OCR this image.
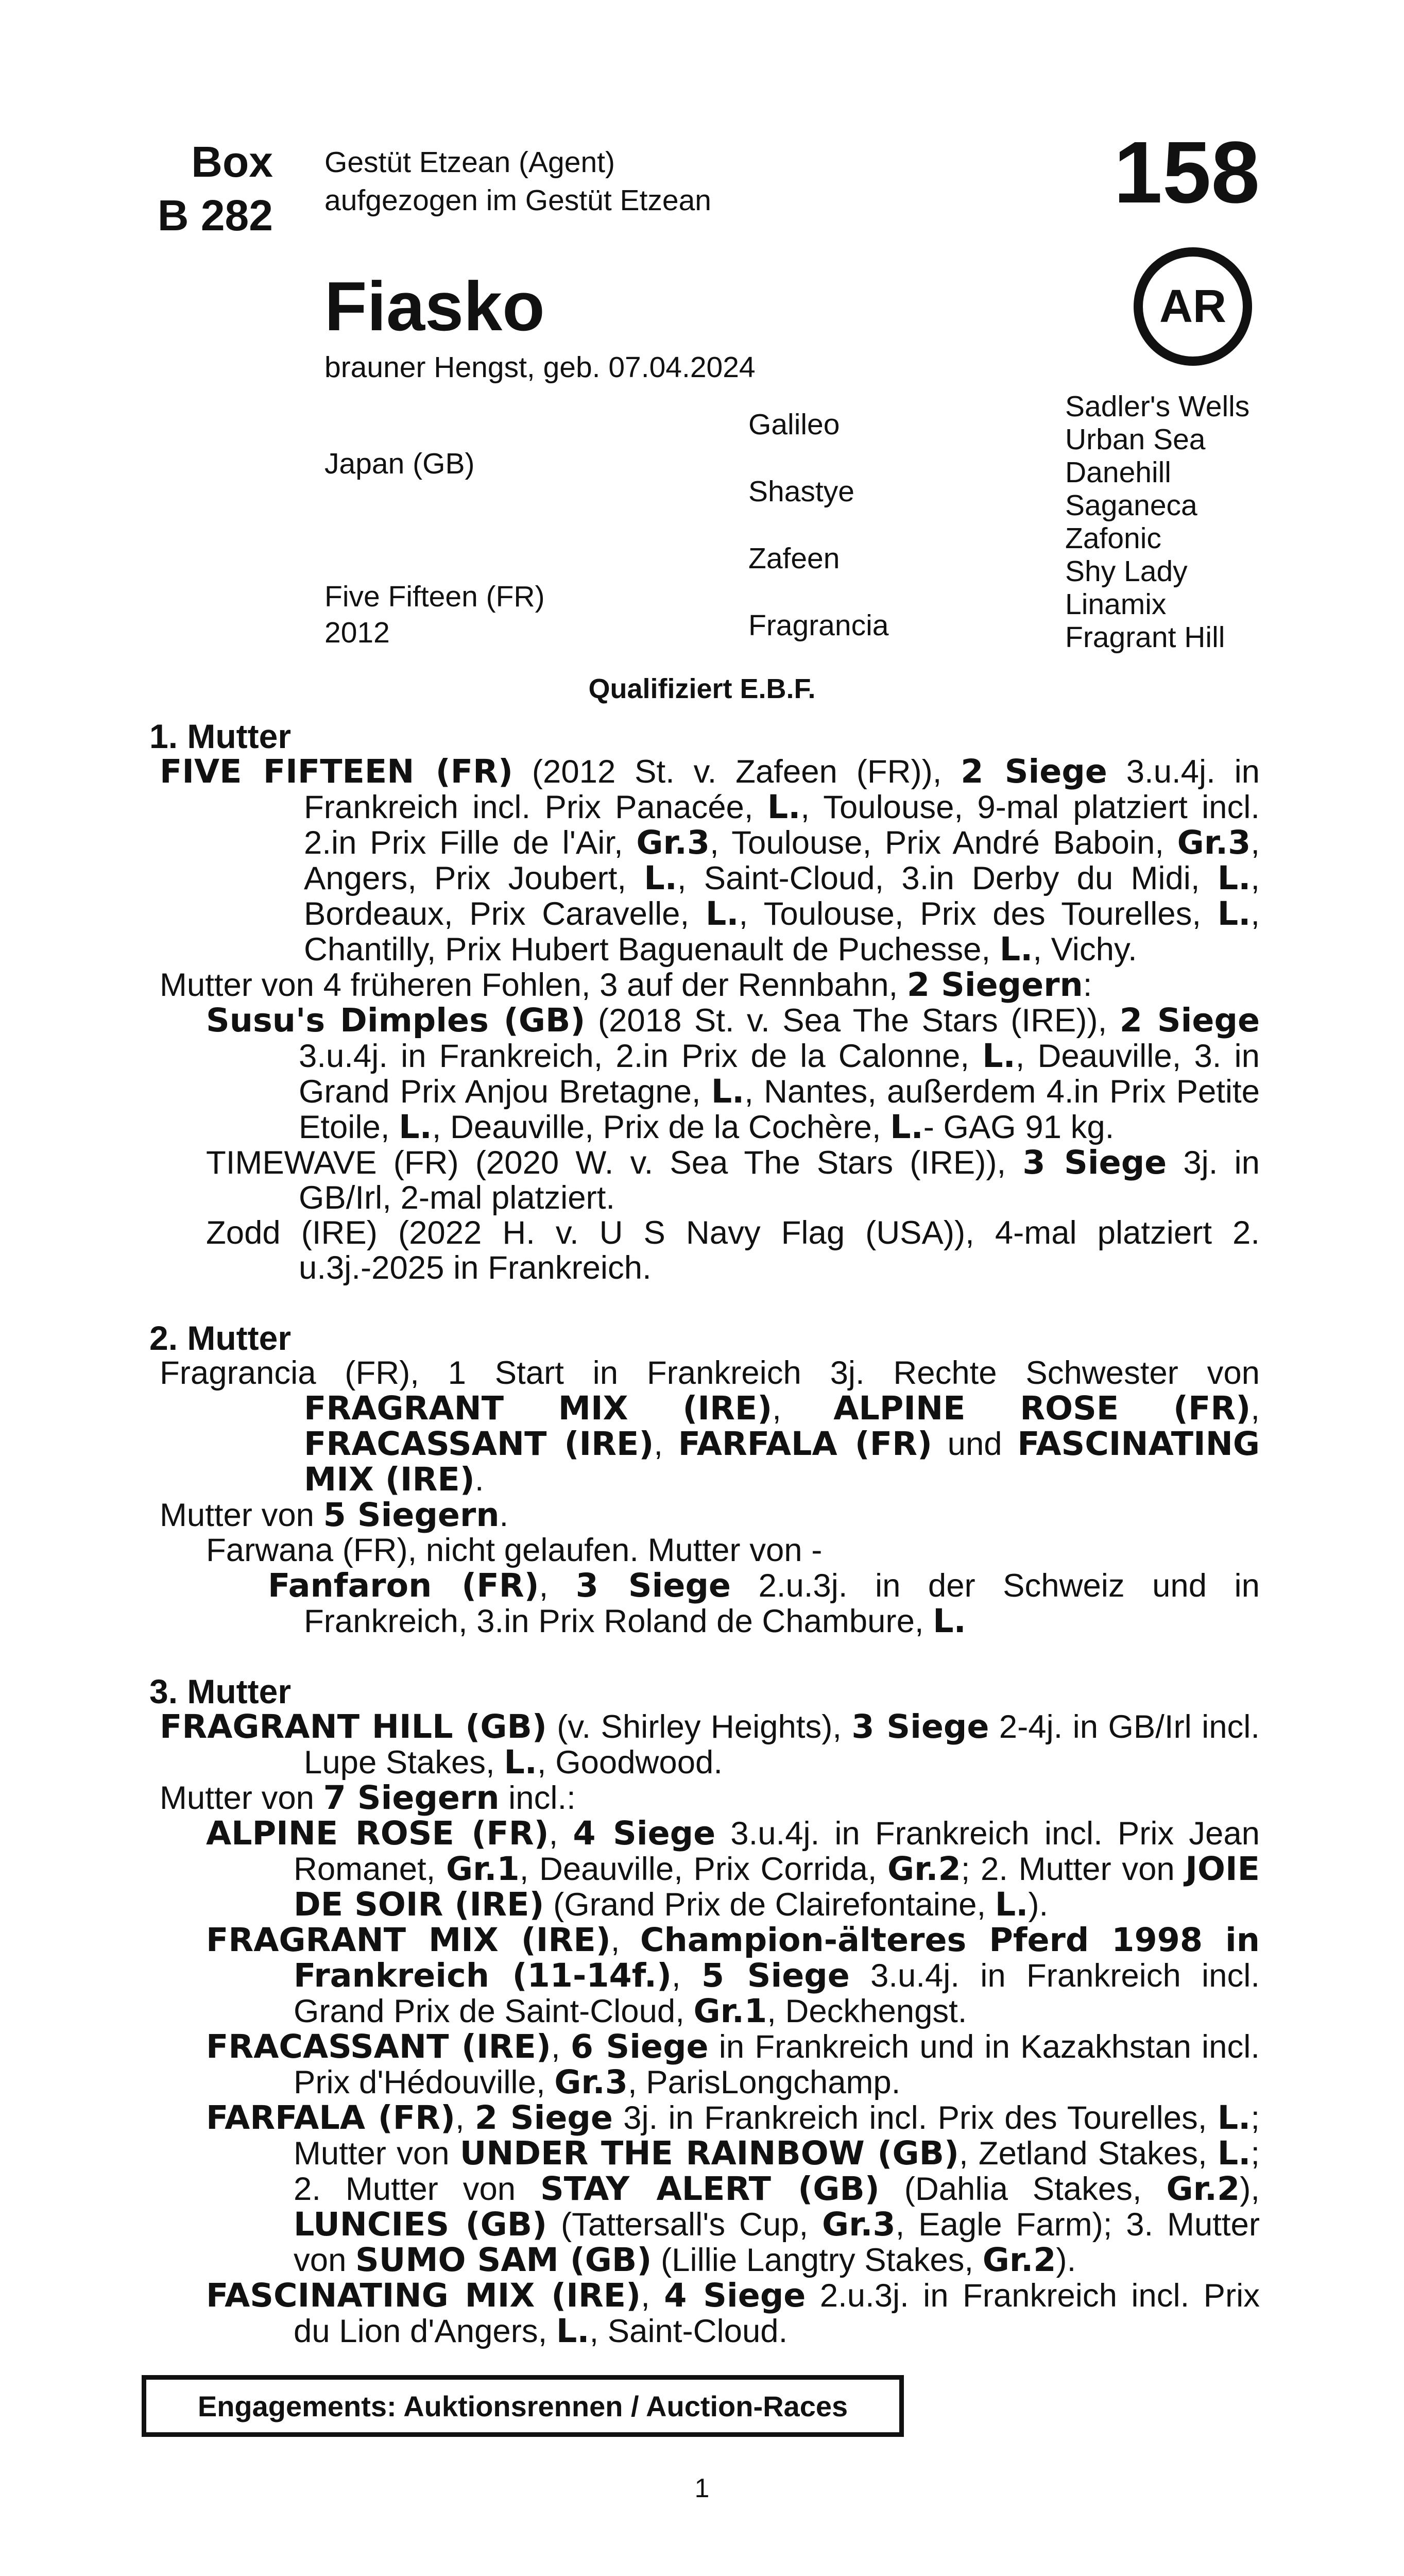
Box
B 282
Gestüt Etzean (Agent)
aufgezogen im Gestüt Etzean	158
AR
Fiasko
brauner Hengst, geb. 07.04.2024
Japan (GB)
Five Fifteen (FR)
2012
Galileo
Shastye
Zafeen
Fragrancia
Sadler's Wells
Urban Sea
Danehill
Saganeca
Zafonic
Shy Lady
Linamix
Fragrant Hill
Qualifiziert E.B.F.

1. Mutter

FIVE FIFTEEN (FR) (2012 St. v. Zafeen (FR)), 2 Siege 3.u.4j. in Frankreich incl. Prix Panacée, L., Toulouse, 9-mal platziert incl. 2.in Prix Fille de l'Air, Gr.3, Toulouse, Prix André Baboin, Gr.3, Angers, Prix Joubert, L., Saint-Cloud, 3.in Derby du Midi, L., Bordeaux, Prix Caravelle, L., Toulouse, Prix des Tourelles, L., Chantilly, Prix Hubert Baguenault de Puchesse, L., Vichy.

Mutter von 4 früheren Fohlen, 3 auf der Rennbahn, 2 Siegern:

Susu's Dimples (GB) (2018 St. v. Sea The Stars (IRE)), 2 Siege 3.u.4j. in Frankreich, 2.in Prix de la Calonne, L., Deauville, 3. in Grand Prix Anjou Bretagne, L., Nantes, außerdem 4.in Prix Petite Etoile, L., Deauville, Prix de la Cochère, L.- GAG 91 kg.

TIMEWAVE (FR) (2020 W. v. Sea The Stars (IRE)), 3 Siege 3j. in GB/Irl, 2-mal platziert.

Zodd (IRE) (2022 H. v. U S Navy Flag (USA)), 4-mal platziert 2. u.3j.-2025 in Frankreich.

2. Mutter

Fragrancia (FR), 1 Start in Frankreich 3j. Rechte Schwester von FRAGRANT MIX (IRE), ALPINE ROSE (FR), FRACASSANT (IRE), FARFALA (FR) und FASCINATING MIX (IRE).

Mutter von 5 Siegern.

Farwana (FR), nicht gelaufen. Mutter von -

Fanfaron (FR), 3 Siege 2.u.3j. in der Schweiz und in Frankreich, 3.in Prix Roland de Chambure, L.

3. Mutter

FRAGRANT HILL (GB) (v. Shirley Heights), 3 Siege 2-4j. in GB/Irl incl. Lupe Stakes, L., Goodwood.

Mutter von 7 Siegern incl.:

ALPINE ROSE (FR), 4 Siege 3.u.4j. in Frankreich incl. Prix Jean Romanet, Gr.1, Deauville, Prix Corrida, Gr.2; 2. Mutter von JOIE DE SOIR (IRE) (Grand Prix de Clairefontaine, L.).

FRAGRANT MIX (IRE), Champion-älteres Pferd 1998 in Frankreich (11-14f.), 5 Siege 3.u.4j. in Frankreich incl. Grand Prix de Saint-Cloud, Gr.1, Deckhengst.

FRACASSANT (IRE), 6 Siege in Frankreich und in Kazakhstan incl. Prix d'Hédouville, Gr.3, ParisLongchamp.

FARFALA (FR), 2 Siege 3j. in Frankreich incl. Prix des Tourelles, L.; Mutter von UNDER THE RAINBOW (GB), Zetland Stakes, L.; 2. Mutter von STAY ALERT (GB) (Dahlia Stakes, Gr.2), LUNCIES (GB) (Tattersall's Cup, Gr.3, Eagle Farm); 3. Mutter von SUMO SAM (GB) (Lillie Langtry Stakes, Gr.2).

FASCINATING MIX (IRE), 4 Siege 2.u.3j. in Frankreich incl. Prix du Lion d'Angers, L., Saint-Cloud.

Engagements: Auktionsrennen / Auction-Races
1
